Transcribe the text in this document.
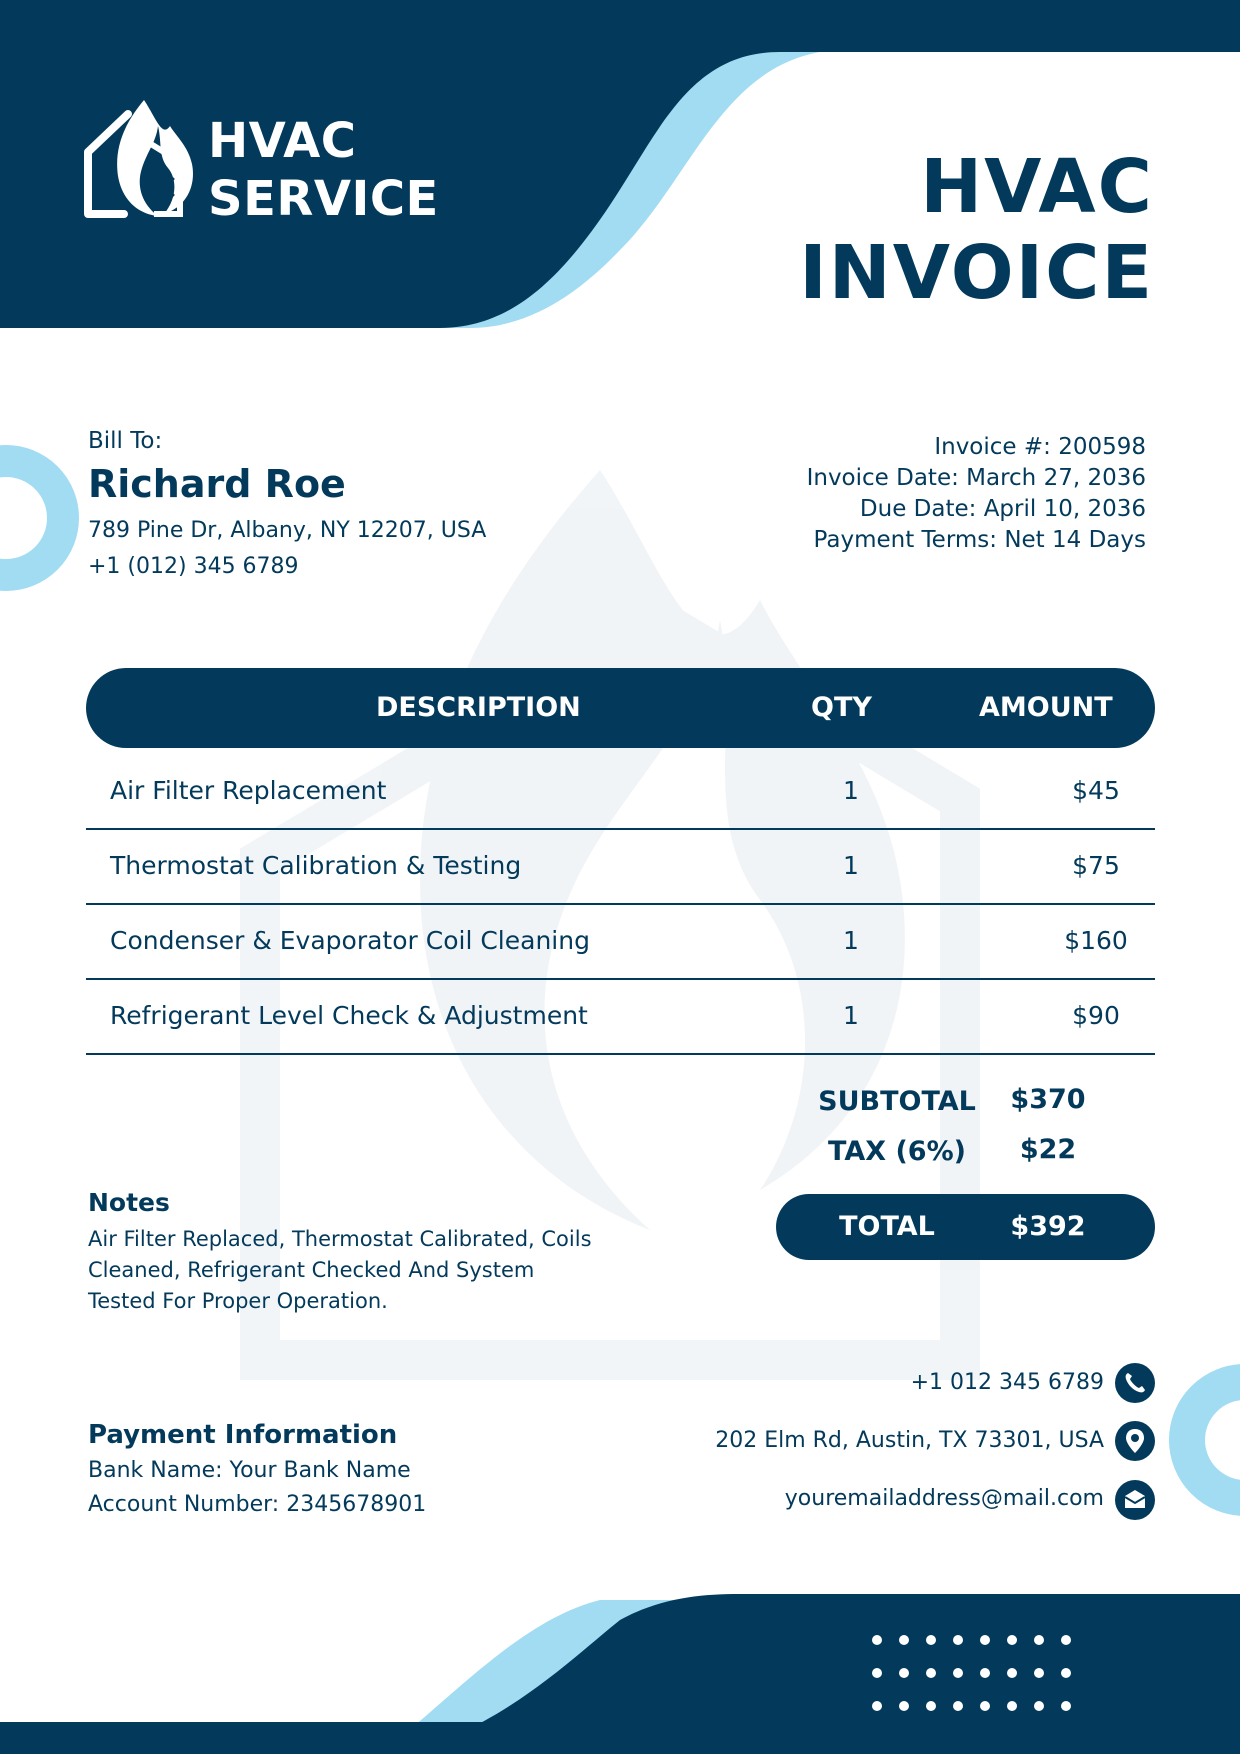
HVAC
SERVICE	HVAC
INVOICE
Bill To:
Richard Roe
789 Pine Dr, Albany, NY 12207, USA
+1 (012) 345 6789
Invoice #: 200598
Invoice Date: March 27, 2036
Due Date: April 10, 2036
Payment Terms: Net 14 Days
DESCRIPTION	QTY	AMOUNT
Air Filter Replacement	1	$45
Thermostat Calibration & Testing	1	$75
Condenser & Evaporator Coil Cleaning	1	$160
Refrigerant Level Check & Adjustment	1	$90
SUBTOTAL	$370
TAX (6%)	$22
TOTAL	$392
Notes
Air Filter Replaced, Thermostat Calibrated, Coils Cleaned, Refrigerant Checked And System Tested For Proper Operation.
Payment Information
Bank Name: Your Bank Name
Account Number: 2345678901
+1 012 345 6789
202 Elm Rd, Austin, TX 73301, USA
youremailaddress@mail.com
